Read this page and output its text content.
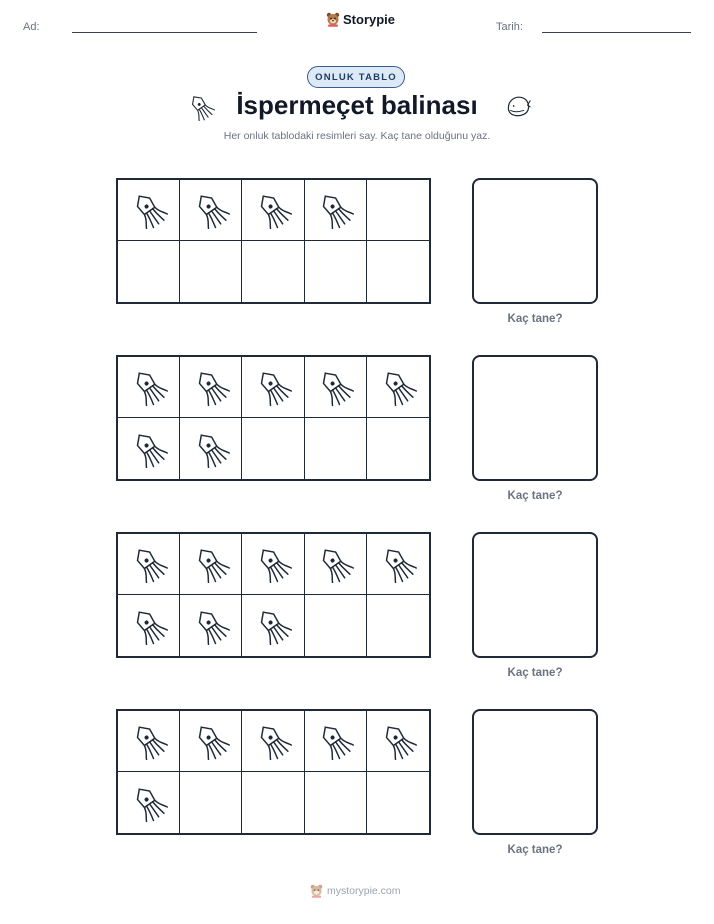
Ad:	Storypie	Tarih:
ONLUK TABLO
İspermeçet balinası
Her onluk tablodaki resimleri say. Kaç tane olduğunu yaz.
Kaç tane?
Kaç tane?
Kaç tane?
Kaç tane?
mystorypie.com
